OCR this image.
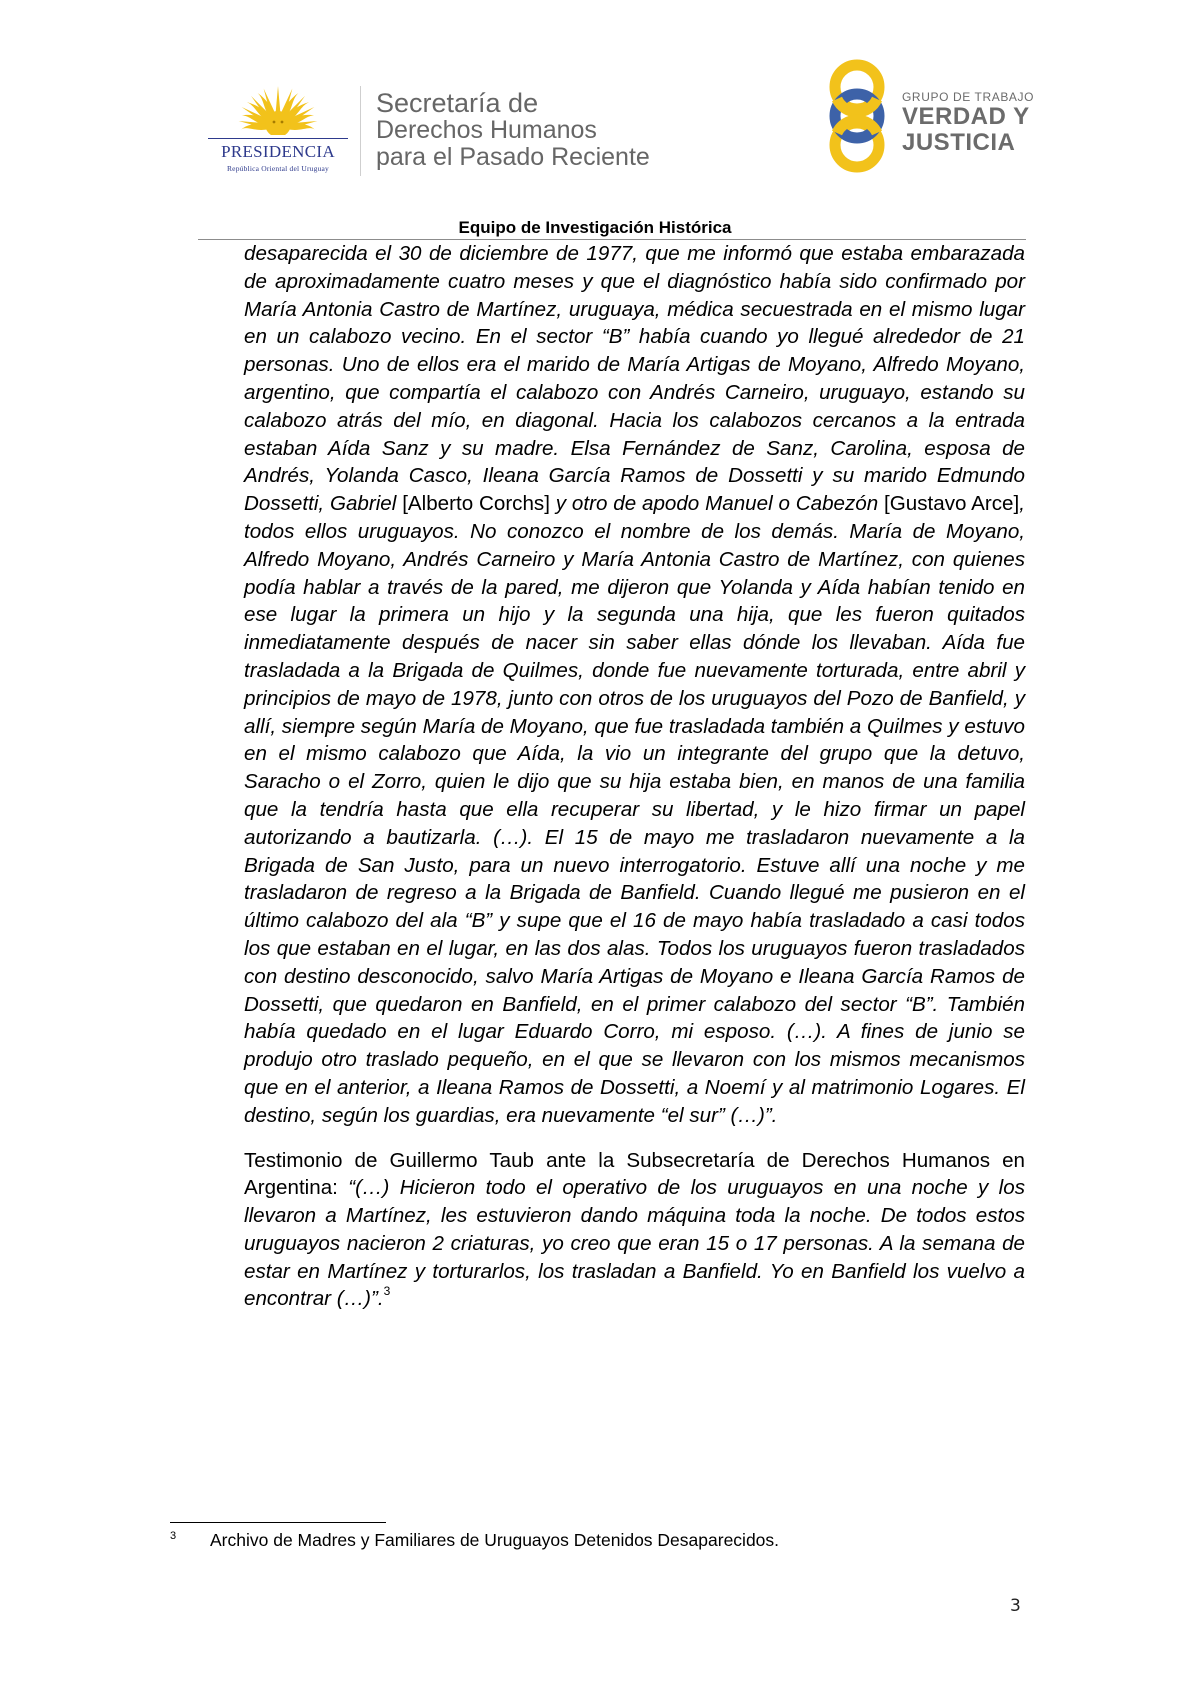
PRESIDENCIA
República Oriental del Uruguay
Secretaría de
Derechos Humanos
para el Pasado Reciente
GRUPO DE TRABAJO
VERDAD Y
JUSTICIA
Equipo de Investigación Histórica

desaparecida el 30 de diciembre de 1977, que me informó que estaba embarazada de aproximadamente cuatro meses y que el diagnóstico había sido confirmado por María Antonia Castro de Martínez, uruguaya, médica secuestrada en el mismo lugar en un calabozo vecino. En el sector “B” había cuando yo llegué alrededor de 21 personas. Uno de ellos era el marido de María Artigas de Moyano, Alfredo Moyano, argentino, que compartía el calabozo con Andrés Carneiro, uruguayo, estando su calabozo atrás del mío, en diagonal. Hacia los calabozos cercanos a la entrada estaban Aída Sanz y su madre. Elsa Fernández de Sanz, Carolina, esposa de Andrés, Yolanda Casco, Ileana García Ramos de Dossetti y su marido Edmundo Dossetti, Gabriel [Alberto Corchs] y otro de apodo Manuel o Cabezón [Gustavo Arce], todos ellos uruguayos. No conozco el nombre de los demás. María de Moyano, Alfredo Moyano, Andrés Carneiro y María Antonia Castro de Martínez, con quienes podía hablar a través de la pared, me dijeron que Yolanda y Aída habían tenido en ese lugar la primera un hijo y la segunda una hija, que les fueron quitados inmediatamente después de nacer sin saber ellas dónde los llevaban. Aída fue trasladada a la Brigada de Quilmes, donde fue nuevamente torturada, entre abril y principios de mayo de 1978, junto con otros de los uruguayos del Pozo de Banfield, y allí, siempre según María de Moyano, que fue trasladada también a Quilmes y estuvo en el mismo calabozo que Aída, la vio un integrante del grupo que la detuvo, Saracho o el Zorro, quien le dijo que su hija estaba bien, en manos de una familia que la tendría hasta que ella recuperar su libertad, y le hizo firmar un papel autorizando a bautizarla. (…). El 15 de mayo me trasladaron nuevamente a la Brigada de San Justo, para un nuevo interrogatorio. Estuve allí una noche y me trasladaron de regreso a la Brigada de Banfield. Cuando llegué me pusieron en el último calabozo del ala “B” y supe que el 16 de mayo había trasladado a casi todos los que estaban en el lugar, en las dos alas. Todos los uruguayos fueron trasladados con destino desconocido, salvo María Artigas de Moyano e Ileana García Ramos de Dossetti, que quedaron en Banfield, en el primer calabozo del sector “B”. También había quedado en el lugar Eduardo Corro, mi esposo. (…). A fines de junio se produjo otro traslado pequeño, en el que se llevaron con los mismos mecanismos que en el anterior, a Ileana Ramos de Dossetti, a Noemí y al matrimonio Logares. El destino, según los guardias, era nuevamente “el sur” (…)”.

Testimonio de Guillermo Taub ante la Subsecretaría de Derechos Humanos en Argentina: “(…) Hicieron todo el operativo de los uruguayos en una noche y los llevaron a Martínez, les estuvieron dando máquina toda la noche. De todos estos uruguayos nacieron 2 criaturas, yo creo que eran 15 o 17 personas. A la semana de estar en Martínez y torturarlos, los trasladan a Banfield. Yo en Banfield los vuelvo a encontrar (…)”.$^3$

3 Archivo de Madres y Familiares de Uruguayos Detenidos Desaparecidos.
3
